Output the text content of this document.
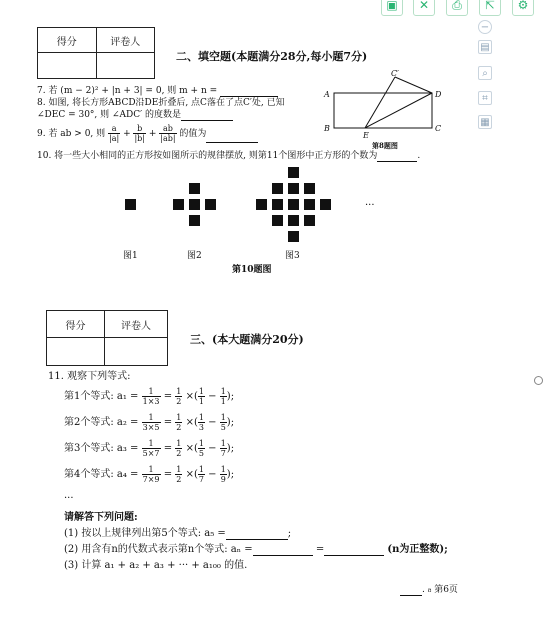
▣	✕	⎙	⇱	⚙
−
▤
⌕
⌗
▦
得分	评卷人

二、填空题(本题满分28分,每小题7分)
7. 若 (m − 2)² + |n + 3| = 0, 则 m + n =
8. 如图, 将长方形ABCD沿DE折叠后, 点C落在了点C′处, 已知
∠DEC = 30°, 则 ∠ADC′ 的度数是
9. 若 ab > 0, 则 $\frac{a}{|a|} + \frac{b}{|b|} + \frac{ab}{|ab|}$ 的值为
10. 将一些大小相同的正方形按如图所示的规律摆放, 则第11个图形中正方形的个数为	.
A
B	C
D
E
C′
第8题图
···
图1	图2	图3
第10题图
得分	评卷人

三、(本大题满分20分)
11. 观察下列等式:
第1个等式: $a_1 = \frac{1}{1\times 3} = \frac{1}{2}$ ×( $\frac{1}{1} - \frac{1}{1}$ );
第2个等式: $a_2 = \frac{1}{3\times 5} = \frac{1}{2}$ ×( $\frac{1}{3} - \frac{1}{5}$ );
第3个等式: $a_3 = \frac{1}{5\times 7} = \frac{1}{2}$ ×( $\frac{1}{5} - \frac{1}{7}$ );
第4个等式: $a_4 = \frac{1}{7\times 9} = \frac{1}{2}$ ×( $\frac{1}{7} - \frac{1}{9}$ );
···
请解答下列问题:
(1) 按以上规律列出第5个等式: a₅ =	;
(2) 用含有n的代数式表示第n个等式: aₙ =	=	(n为正整数);
(3) 计算 a₁ + a₂ + a₃ + ··· + a₁₀₀ 的值.
. ₈ 第6页
